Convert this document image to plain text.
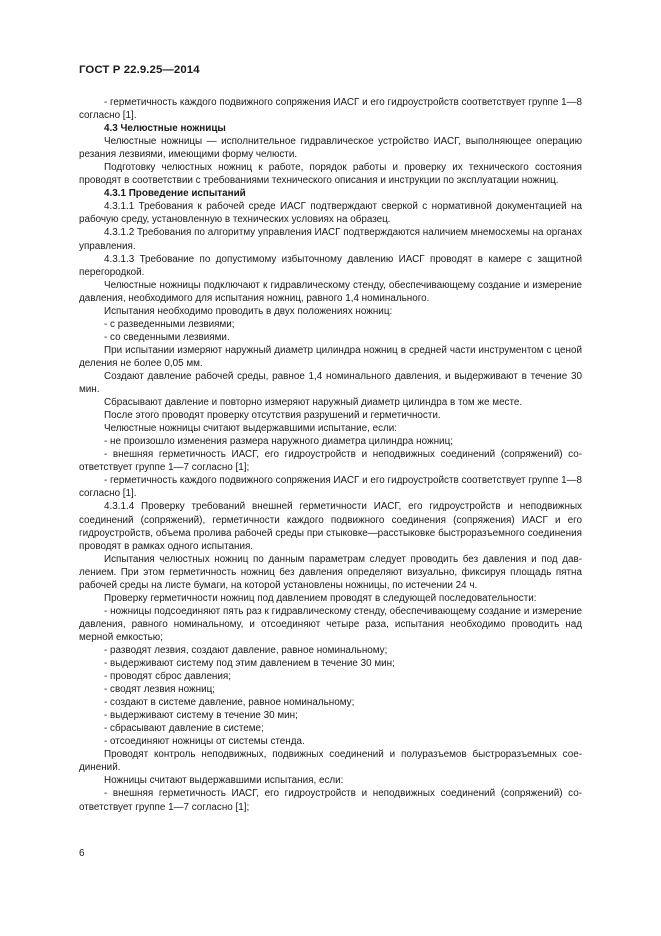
ГОСТ Р 22.9.25—2014

- герметичность каждого подвижного сопряжения ИАСГ и его гидроустройств соответствует группе 1—8 согласно [1].

4.3 Челюстные ножницы

Челюстные ножницы — исполнительное гидравлическое устройство ИАСГ, выполняющее операцию резания лезвиями, имеющими форму челюсти.

Подготовку челюстных ножниц к работе, порядок работы и проверку их технического состояния проводят в соответствии с требованиями технического описания и инструкции по эксплуатации ножниц.

4.3.1 Проведение испытаний

4.3.1.1 Требования к рабочей среде ИАСГ подтверждают сверкой с нормативной документацией на рабочую среду, установленную в технических условиях на образец.

4.3.1.2 Требования по алгоритму управления ИАСГ подтверждаются наличием мнемосхемы на органах управления.

4.3.1.3 Требование по допустимому избыточному давлению ИАСГ проводят в камере с защитной перегородкой.

Челюстные ножницы подключают к гидравлическому стенду, обеспечивающему создание и измерение давления, необходимого для испытания ножниц, равного 1,4 номинального.

Испытания необходимо проводить в двух положениях ножниц:

- с разведенными лезвиями;

- со сведенными лезвиями.

При испытании измеряют наружный диаметр цилиндра ножниц в средней части инструментом с ценой деления не более 0,05 мм.

Создают давление рабочей среды, равное 1,4 номинального давления, и выдерживают в течение 30 мин.

Сбрасывают давление и повторно измеряют наружный диаметр цилиндра в том же месте.

После этого проводят проверку отсутствия разрушений и герметичности.

Челюстные ножницы считают выдержавшими испытание, если:

- не произошло изменения размера наружного диаметра цилиндра ножниц;

- внешняя герметичность ИАСГ, его гидроустройств и неподвижных соединений (сопряжений) соответствует группе 1—7 согласно [1];

- герметичность каждого подвижного сопряжения ИАСГ и его гидроустройств соответствует группе 1—8 согласно [1].

4.3.1.4 Проверку требований внешней герметичности ИАСГ, его гидроустройств и неподвижных соединений (сопряжений), герметичности каждого подвижного соединения (сопряжения) ИАСГ и его гидроустройств, объема пролива рабочей среды при стыковке—расстыковке быстроразъемного соединения проводят в рамках одного испытания.

Испытания челюстных ножниц по данным параметрам следует проводить без давления и под давлением. При этом герметичность ножниц без давления определяют визуально, фиксируя площадь пятна рабочей среды на листе бумаги, на которой установлены ножницы, по истечении 24 ч.

Проверку герметичности ножниц под давлением проводят в следующей последовательности:

- ножницы подсоединяют пять раз к гидравлическому стенду, обеспечивающему создание и измерение давления, равного номинальному, и отсоединяют четыре раза, испытания необходимо проводить над мерной емкостью;

- разводят лезвия, создают давление, равное номинальному;

- выдерживают систему под этим давлением в течение 30 мин;

- проводят сброс давления;

- сводят лезвия ножниц;

- создают в системе давление, равное номинальному;

- выдерживают систему в течение 30 мин;

- сбрасывают давление в системе;

- отсоединяют ножницы от системы стенда.

Проводят контроль неподвижных, подвижных соединений и полуразъемов быстроразъемных соединений.

Ножницы считают выдержавшими испытания, если:

- внешняя герметичность ИАСГ, его гидроустройств и неподвижных соединений (сопряжений) соответствует группе 1—7 согласно [1];

6
